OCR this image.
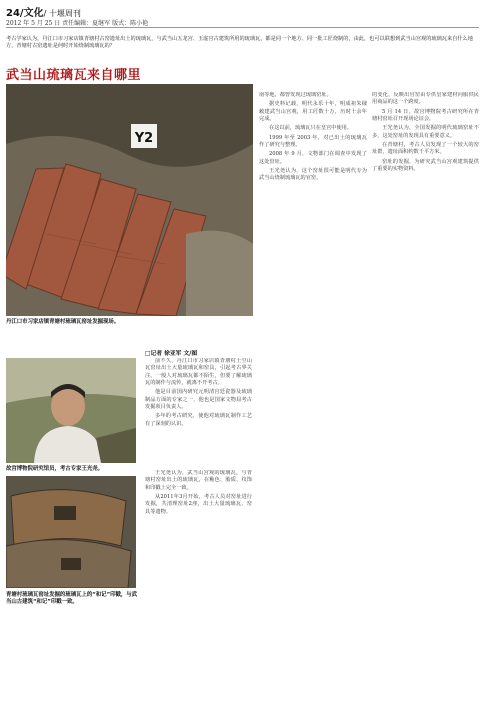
24/文化/ 十堰周刊
2012 年 5 月 25 日 责任编辑：夏继军 版式：陈小艳
考古学家认为，丹江口市习家店镇青塘村古窑遗址出土的琉璃瓦，与武当山五龙宫、玉虚宫古建筑所用的琉璃瓦，都是同一个地方、同一批工匠烧制的，由此，也可以联想到武当山宫观的琉璃瓦来自什么地方，青塘村古窑遗址是何时开始烧制琉璃瓦的？
武当山琉璃瓦来自哪里
Y2
丹江口市习家店镇青塘村琉璃瓦窑址发掘现场。
故宫博物院研究馆员，考古专家王光尧。
青塘村琉璃瓦窑址发掘的琉璃瓦上的“和记”印戳，与武当山古建筑“和记”印戳一致。
□记者 徐亚军 文/图

前不久，丹江口市习家店镇青塘村土空山瓦窑址出土大量琉璃瓦和窑具，引起考古界关注。一般人对琉璃瓦都不陌生，但要了解琉璃瓦的制作与流传，就离不开考古。

他是目前国内研究元明清宫廷瓷器及琉璃制品方面的专家之一，他也是国家文物局考古发掘项目负责人。

多年的考古研究，使他对琉璃瓦制作工艺有了深刻的认识。

王光尧认为，武当山宫观的琉璃瓦，与青塘村窑址出土的琉璃瓦，在釉色、胎质、纹饰和印戳上完全一致。

从2011年3月开始，考古人员对窑址进行发掘，共清理窑址2座，出土大量琉璃瓦、窑具等遗物。

南等地，都曾发现过琉璃窑址。

据史料记载，明代永乐十年，明成祖朱棣敕建武当山宫观，用工匠数十万，历时十余年完成。

在这以前，琉璃瓦只在皇宫中使用。

1999 年至 2003 年，对已出土的琉璃瓦作了研究与整理。

2008 年 9 月，文物部门在调查中发现了这处窑址。

王光尧认为，这个窑址很可能是明代专为武当山烧制琉璃瓦的官窑。

的变化，反映出官窑由专供皇家建材向服供民用商品的这一个跨度。

5 月 14 日，故宫博物院考古研究所在青塘村窑址召开现场论证会。

王光尧认为，全国发掘的明代琉璃窑址不多，这处窑址的发现具有重要意义。

在青塘村，考古人员发现了一个较大的窑址群，遗址面积约数千平方米。

窑址的发掘，为研究武当山宫观建筑提供了重要的实物资料。
